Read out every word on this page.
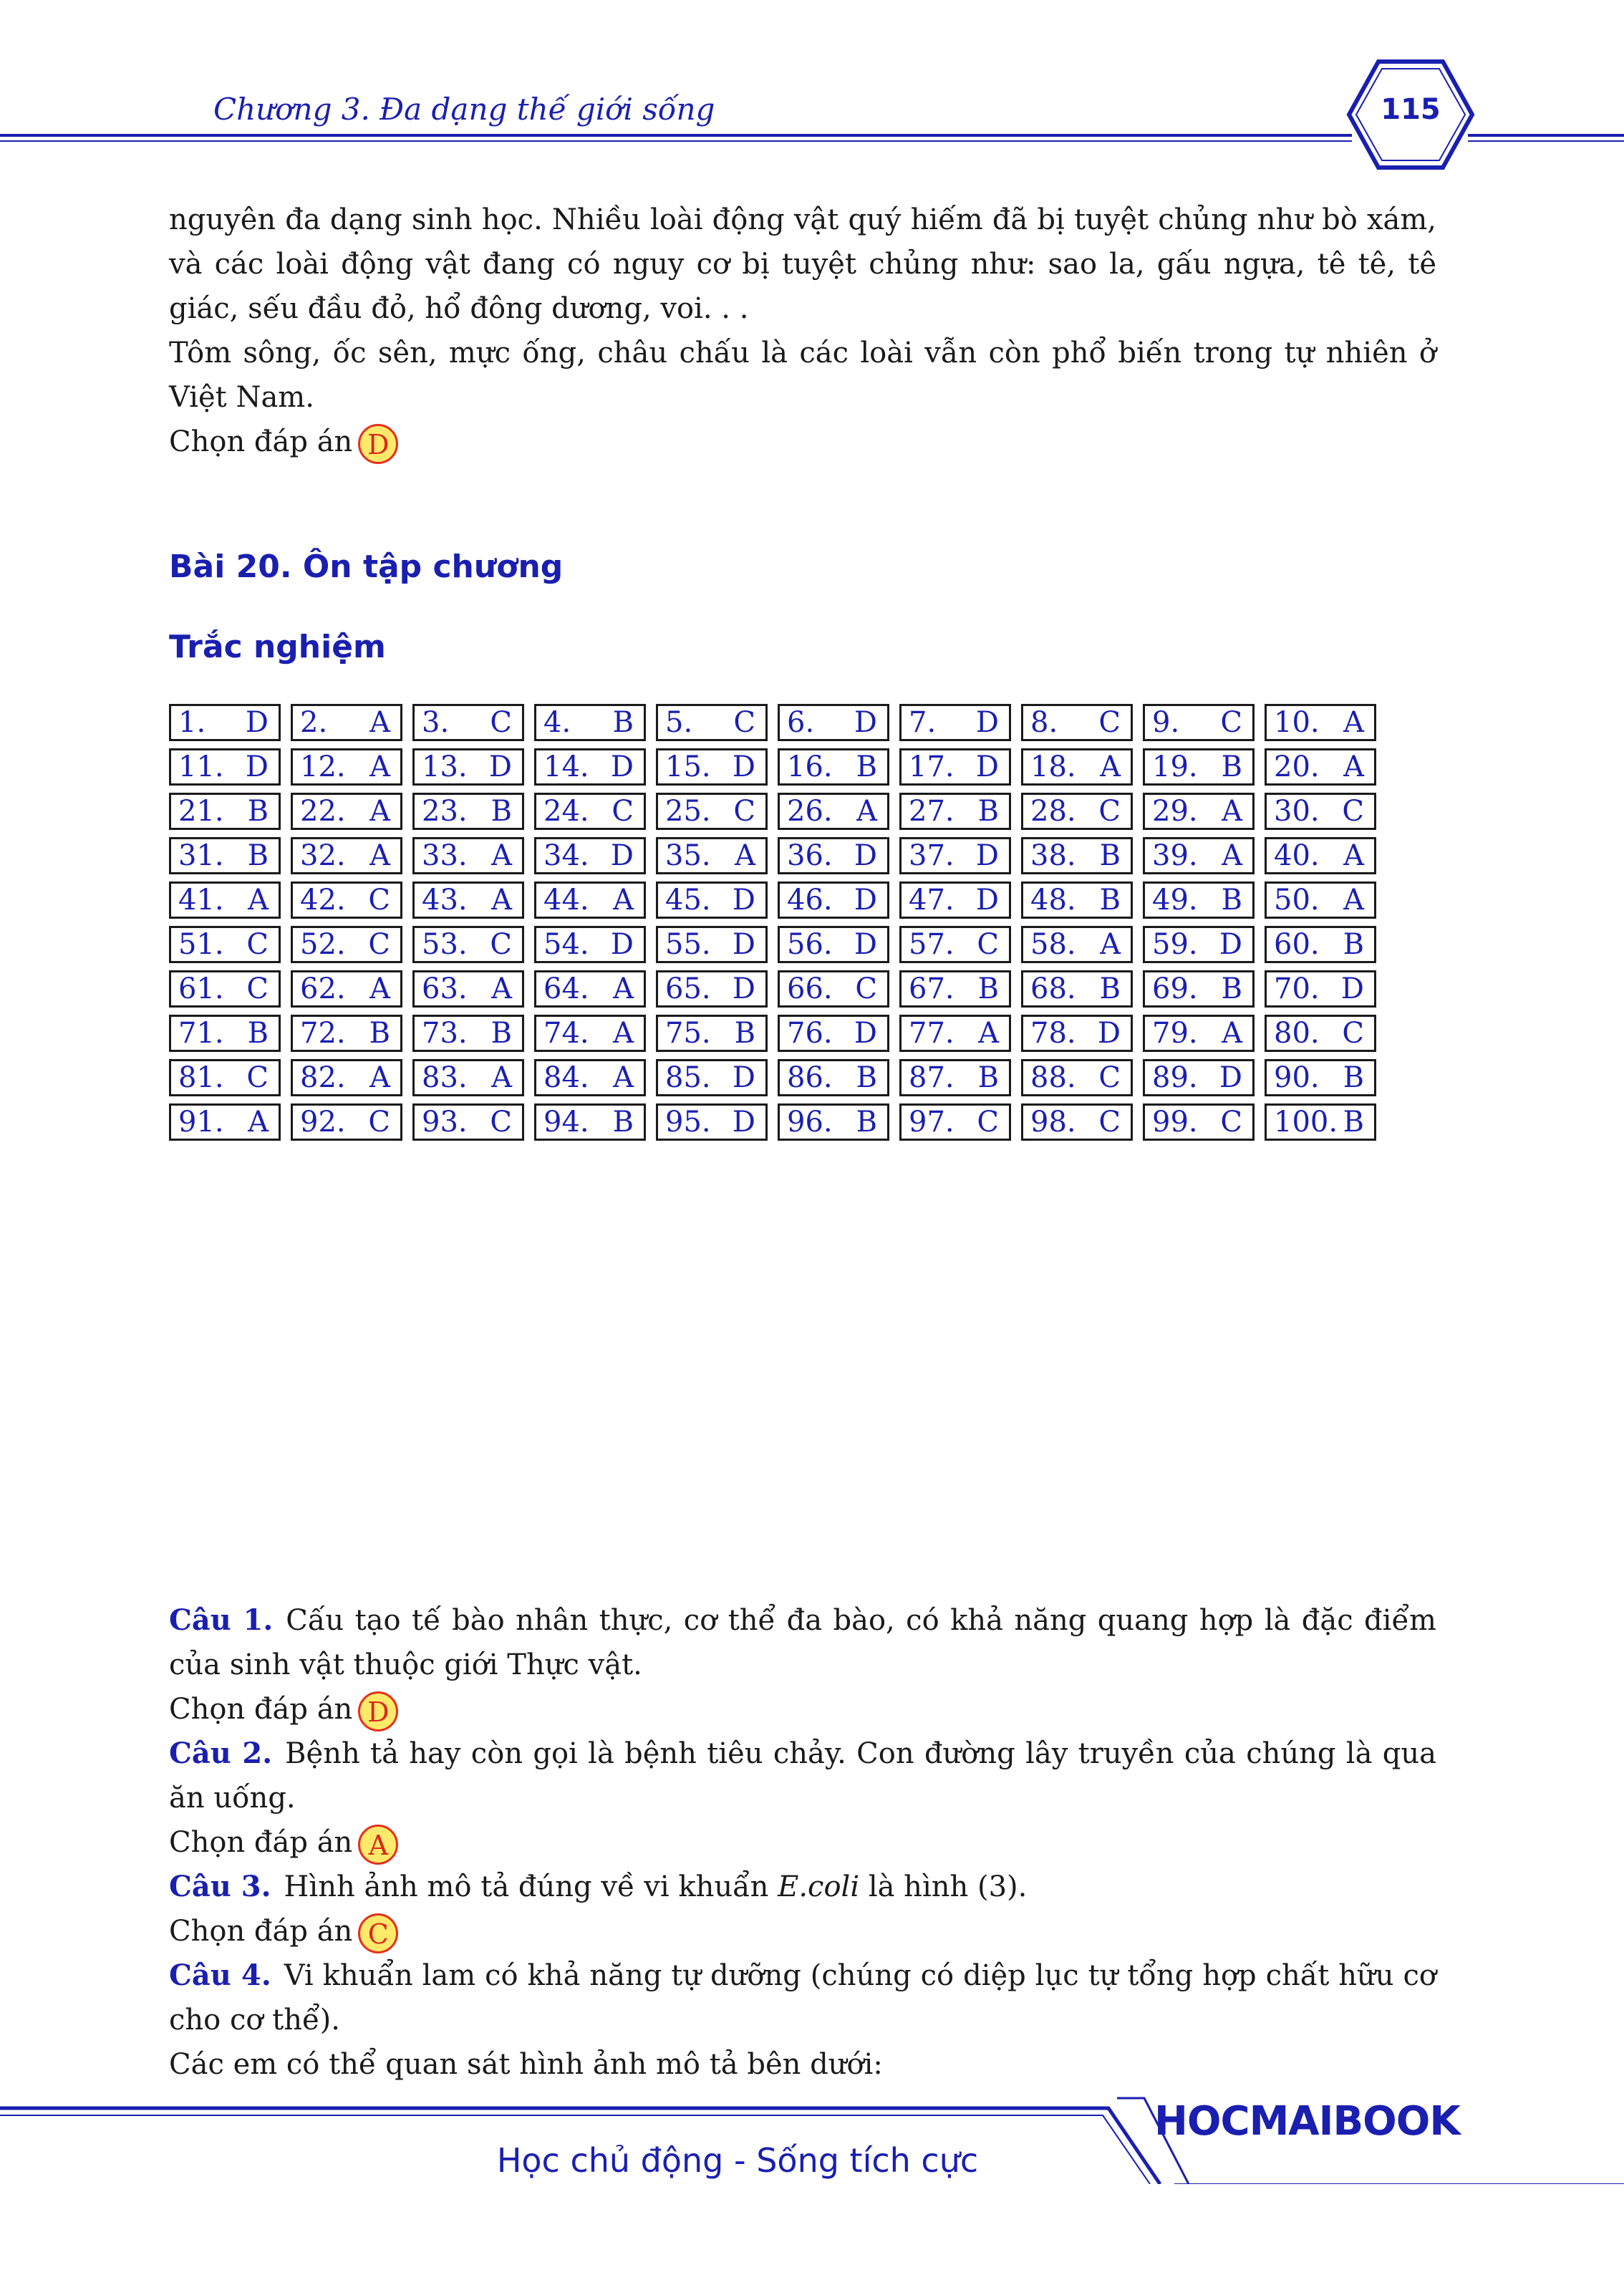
Chương 3. Đa dạng thế giới sống	115
nguyên đa dạng sinh học. Nhiều loài động vật quý hiếm đã bị tuyệt chủng như bò xám, và các loài động vật đang có nguy cơ bị tuyệt chủng như: sao la, gấu ngựa, tê tê, tê giác, sếu đầu đỏ, hổ đông dương, voi. . .
Tôm sông, ốc sên, mực ống, châu chấu là các loài vẫn còn phổ biến trong tự nhiên ở Việt Nam.
Chọn đáp án D
Bài 20. Ôn tập chương
Trắc nghiệm
1. D 2. A 3. C 4. B 5. C 6. D 7. D 8. C 9. C 10. A
11. D 12. A 13. D 14. D 15. D 16. B 17. D 18. A 19. B 20. A
21. B 22. A 23. B 24. C 25. C 26. A 27. B 28. C 29. A 30. C
31. B 32. A 33. A 34. D 35. A 36. D 37. D 38. B 39. A 40. A
41. A 42. C 43. A 44. A 45. D 46. D 47. D 48. B 49. B 50. A
51. C 52. C 53. C 54. D 55. D 56. D 57. C 58. A 59. D 60. B
61. C 62. A 63. A 64. A 65. D 66. C 67. B 68. B 69. B 70. D
71. B 72. B 73. B 74. A 75. B 76. D 77. A 78. D 79. A 80. C
81. C 82. A 83. A 84. A 85. D 86. B 87. B 88. C 89. D 90. B
91. A 92. C 93. C 94. B 95. D 96. B 97. C 98. C 99. C 100. B
Câu 1. Cấu tạo tế bào nhân thực, cơ thể đa bào, có khả năng quang hợp là đặc điểm của sinh vật thuộc giới Thực vật.
Chọn đáp án D
Câu 2. Bệnh tả hay còn gọi là bệnh tiêu chảy. Con đường lây truyền của chúng là qua ăn uống.
Chọn đáp án A
Câu 3. Hình ảnh mô tả đúng về vi khuẩn E.coli là hình (3).
Chọn đáp án C
Câu 4. Vi khuẩn lam có khả năng tự dưỡng (chúng có diệp lục tự tổng hợp chất hữu cơ cho cơ thể).
Các em có thể quan sát hình ảnh mô tả bên dưới:
HOCMAIBOOK
Học chủ động - Sống tích cực
